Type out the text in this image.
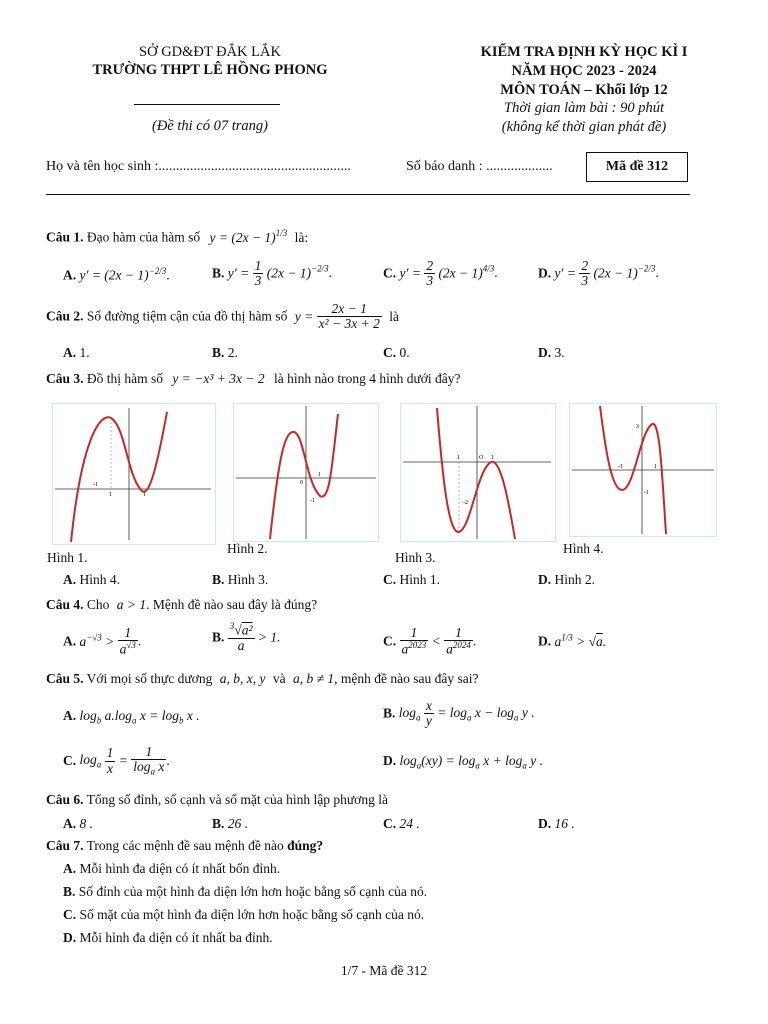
SỞ GD&ĐT ĐẮK LẮK
TRƯỜNG THPT LÊ HỒNG PHONG
(Đề thi có 07 trang)
KIỂM TRA ĐỊNH KỲ HỌC KÌ I
NĂM HỌC 2023 - 2024
MÔN TOÁN – Khối lớp 12
Thời gian làm bài : 90 phút
(không kể thời gian phát đề)
Họ và tên học sinh :.......................................................	Số báo danh : ...................	Mã đề 312
Câu 1. Đạo hàm của hàm số $y = (2x - 1)^{1/3}$ là:
A. $y' = (2x - 1)^{-2/3}$.	B. $y' = \frac{1}{3} (2x - 1)^{-2/3}$.	C. $y' = \frac{2}{3} (2x - 1)^{4/3}$.	D. $y' = \frac{2}{3} (2x - 1)^{-2/3}$.
Câu 2. Số đường tiệm cận của đồ thị hàm số $y = \frac{2x - 1}{\text{x² − 3x + 2}}$ là
A. 1.	B. 2.	C. 0.	D. 3.
Câu 3. Đồ thị hàm số y = −x³ + 3x − 2 là hình nào trong 4 hình dưới đây?
-1
1	1
0
1
-1
1	O 1
-2
-1
3
1
-1
Hình 1.
Hình 2.
Hình 3.
Hình 4.
A. Hình 4.	B. Hình 3.	C. Hình 1.	D. Hình 2.
Câu 4. Cho a > 1. Mệnh đề nào sau đây là đúng?
A. $a^{-√3} > \frac{1}{a^{√3}}$ .	B. $\frac{^3√a^2}{a} > 1$.	C. $\frac{1}{a^{2023}} < \frac{1}{a^{2024}}$ .	D. $a^{1/3} > √a$.
Câu 5. Với mọi số thực dương a, b, x, y và a, b ≠ 1, mệnh đề nào sau đây sai?
A. $\log_b a.\log_a$ $x = \log_b x$ .	B. $\log_a \frac{x}{y} = \log_a x - \log_a y$ .
C. $\log_a \frac{1}{x} = \frac{1}{\log_a x}$ .	D. $\log_a(xy) = \log_a x + \log_a y$ .
Câu 6. Tổng số đỉnh, số cạnh và số mặt của hình lập phương là
A. 8 .	B. 26 .	C. 24 .	D. 16 .
Câu 7. Trong các mệnh đề sau mệnh đề nào đúng?
A. Mỗi hình đa diện có ít nhất bốn đỉnh.
B. Số đỉnh của một hình đa diện lớn hơn hoặc bằng số cạnh của nó.
C. Số mặt của một hình đa diện lớn hơn hoặc bằng số cạnh của nó.
D. Mỗi hình đa diện có ít nhất ba đỉnh.
1/7 - Mã đề 312
